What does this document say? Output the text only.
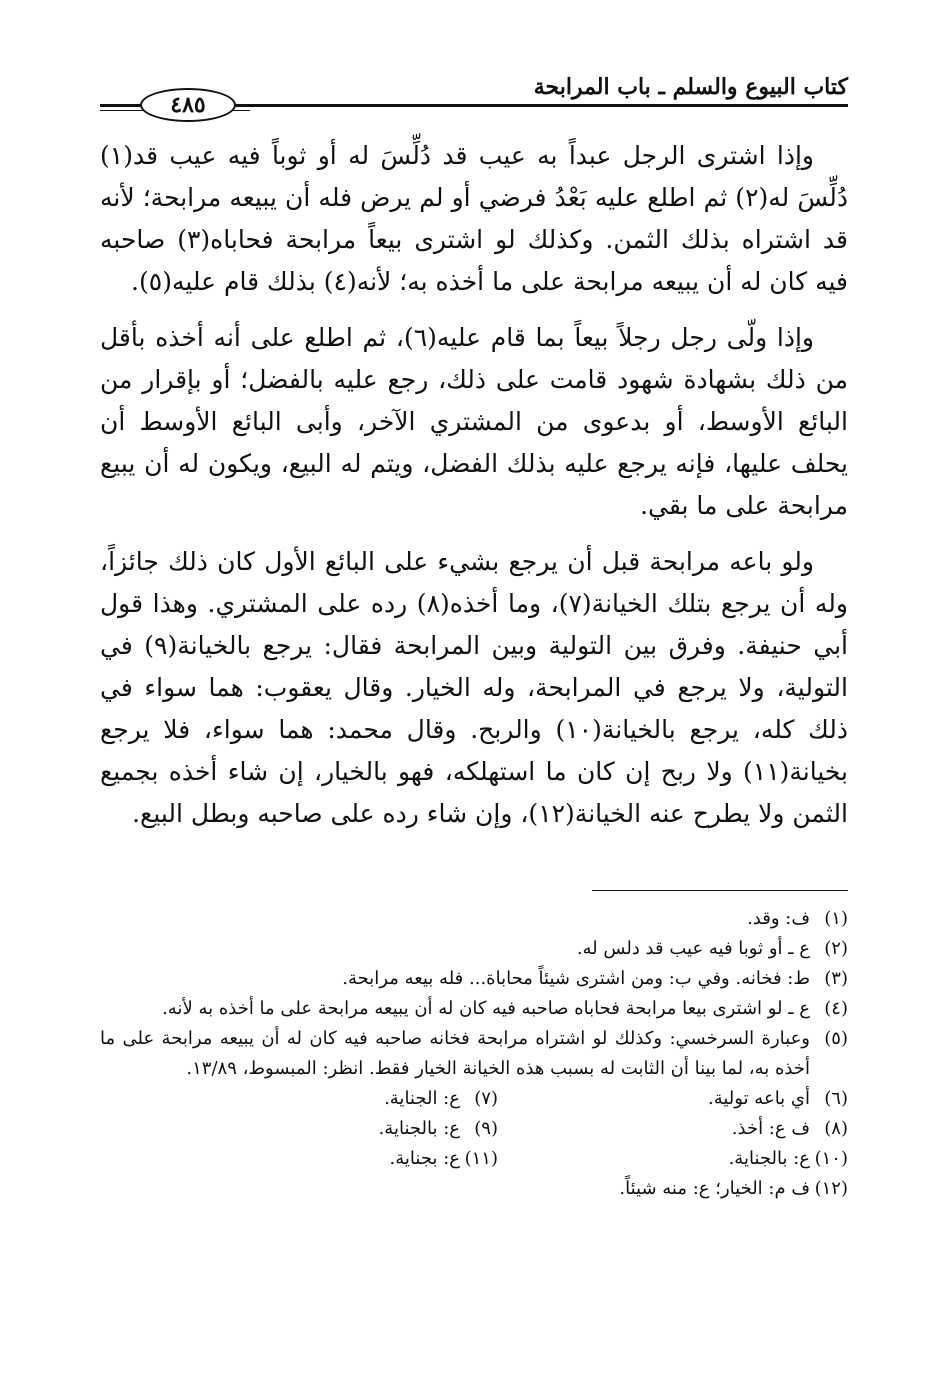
كتاب البيوع والسلم ـ باب المرابحة
٤٨٥

وإذا اشترى الرجل عبداً به عيب قد دُلِّسَ له أو ثوباً فيه عيب قد(١) دُلِّسَ له(٢) ثم اطلع عليه بَعْدُ فرضي أو لم يرض فله أن يبيعه مرابحة؛ لأنه قد اشتراه بذلك الثمن. وكذلك لو اشترى بيعاً مرابحة فحاباه(٣) صاحبه فيه كان له أن يبيعه مرابحة على ما أخذه به؛ لأنه(٤) بذلك قام عليه(٥).

وإذا ولّى رجل رجلاً بيعاً بما قام عليه(٦)، ثم اطلع على أنه أخذه بأقل من ذلك بشهادة شهود قامت على ذلك، رجع عليه بالفضل؛ أو بإقرار من البائع الأوسط، أو بدعوى من المشتري الآخر، وأبى البائع الأوسط أن يحلف عليها، فإنه يرجع عليه بذلك الفضل، ويتم له البيع، ويكون له أن يبيع مرابحة على ما بقي.

ولو باعه مرابحة قبل أن يرجع بشيء على البائع الأول كان ذلك جائزاً، وله أن يرجع بتلك الخيانة(٧)، وما أخذه(٨) رده على المشتري. وهذا قول أبي حنيفة. وفرق بين التولية وبين المرابحة فقال: يرجع بالخيانة(٩) في التولية، ولا يرجع في المرابحة، وله الخيار. وقال يعقوب: هما سواء في ذلك كله، يرجع بالخيانة(١٠) والربح. وقال محمد: هما سواء، فلا يرجع بخيانة(١١) ولا ربح إن كان ما استهلكه، فهو بالخيار، إن شاء أخذه بجميع الثمن ولا يطرح عنه الخيانة(١٢)، وإن شاء رده على صاحبه وبطل البيع.

(١)
ف: وقد.
(٢)
ع ـ أو ثوبا فيه عيب قد دلس له.
(٣)
ط: فخانه. وفي ب: ومن اشترى شيئاً محاباة... فله بيعه مرابحة.
(٤)
ع ـ لو اشترى بيعا مرابحة فحاباه صاحبه فيه كان له أن يبيعه مرابحة على ما أخذه به لأنه.
(٥)
وعبارة السرخسي: وكذلك لو اشتراه مرابحة فخانه صاحبه فيه كان له أن يبيعه مرابحة على ما أخذه به، لما بينا أن الثابت له بسبب هذه الخيانة الخيار فقط. انظر: المبسوط، ١٣/٨٩.
(٦)
أي باعه تولية.
(٧)
ع: الجناية.
(٨)
ف ع: أخذ.
(٩)
ع: بالجناية.
(١٠)
ع: بالجناية.
(١١)
ع: بجناية.
(١٢)
ف م: الخيار؛ ع: منه شيئاً.
